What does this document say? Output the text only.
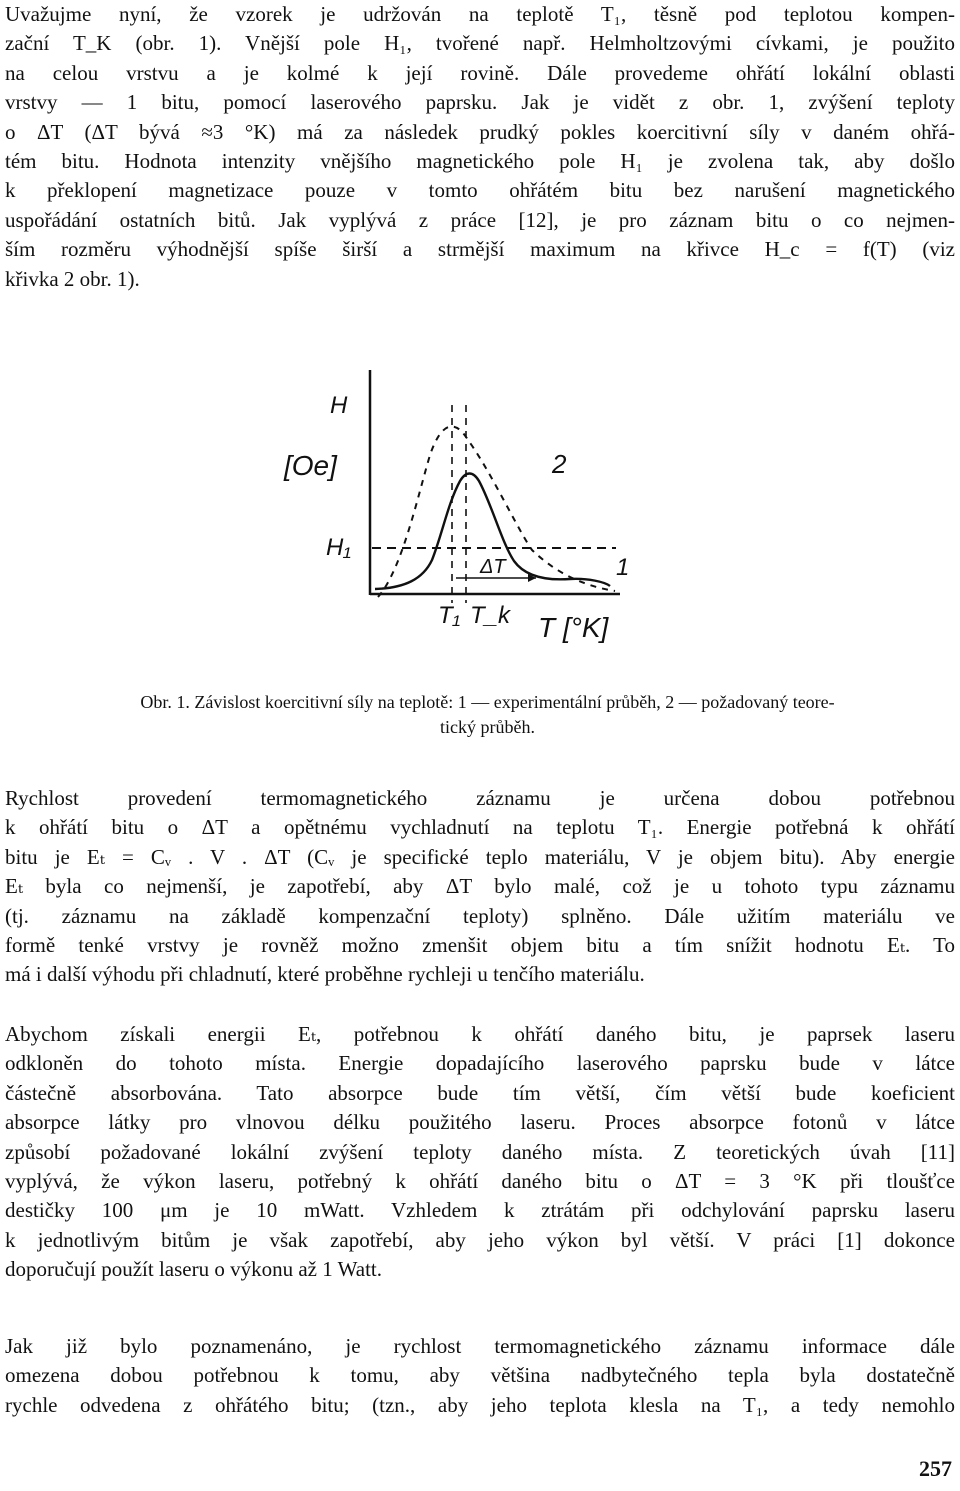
Uvažujme nyní, že vzorek je udržován na teplotě T₁, těsně pod teplotou kompen-
zační T_K (obr. 1). Vnější pole H₁, tvořené např. Helmholtzovými cívkami, je použito
na celou vrstvu a je kolmé k její rovině. Dále provedeme ohřátí lokální oblasti
vrstvy — 1 bitu, pomocí laserového paprsku. Jak je vidět z obr. 1, zvýšení teploty
o ΔT (ΔT bývá ≈3 °K) má za následek prudký pokles koercitivní síly v daném ohřá-
tém bitu. Hodnota intenzity vnějšího magnetického pole H₁ je zvolena tak, aby došlo
k překlopení magnetizace pouze v tomto ohřátém bitu bez narušení magnetického
uspořádání ostatních bitů. Jak vyplývá z práce [12], je pro záznam bitu o co nejmen-
ším rozměru výhodnější spíše širší a strmější maximum na křivce H_c = f(T) (viz
křivka 2 obr. 1).
H
[Oe]
H₁
2
1
ΔT
T₁ T_k T [°K]
Obr. 1. Závislost koercitivní síly na teplotě: 1 — experimentální průběh, 2 — požadovaný teore-
tický průběh.
Rychlost provedení termomagnetického záznamu je určena dobou potřebnou
k ohřátí bitu o ΔT a opětnému vychladnutí na teplotu T₁. Energie potřebná k ohřátí
bitu je Eₜ = Cᵥ . V . ΔT (Cᵥ je specifické teplo materiálu, V je objem bitu). Aby energie
Eₜ byla co nejmenší, je zapotřebí, aby ΔT bylo malé, což je u tohoto typu záznamu
(tj. záznamu na základě kompenzační teploty) splněno. Dále užitím materiálu ve
formě tenké vrstvy je rovněž možno zmenšit objem bitu a tím snížit hodnotu Eₜ. To
má i další výhodu při chladnutí, které proběhne rychleji u tenčího materiálu.
Abychom získali energii Eₜ, potřebnou k ohřátí daného bitu, je paprsek laseru
odkloněn do tohoto místa. Energie dopadajícího laserového paprsku bude v látce
částečně absorbována. Tato absorpce bude tím větší, čím větší bude koeficient
absorpce látky pro vlnovou délku použitého laseru. Proces absorpce fotonů v látce
způsobí požadované lokální zvýšení teploty daného místa. Z teoretických úvah [11]
vyplývá, že výkon laseru, potřebný k ohřátí daného bitu o ΔT = 3 °K při tloušťce
destičky 100 μm je 10 mWatt. Vzhledem k ztrátám při odchylování paprsku laseru
k jednotlivým bitům je však zapotřebí, aby jeho výkon byl větší. V práci [1] dokonce
doporučují použít laseru o výkonu až 1 Watt.
Jak již bylo poznamenáno, je rychlost termomagnetického záznamu informace dále
omezena dobou potřebnou k tomu, aby většina nadbytečného tepla byla dostatečně
rychle odvedena z ohřátého bitu; (tzn., aby jeho teplota klesla na T₁, a tedy nemohlo
257
